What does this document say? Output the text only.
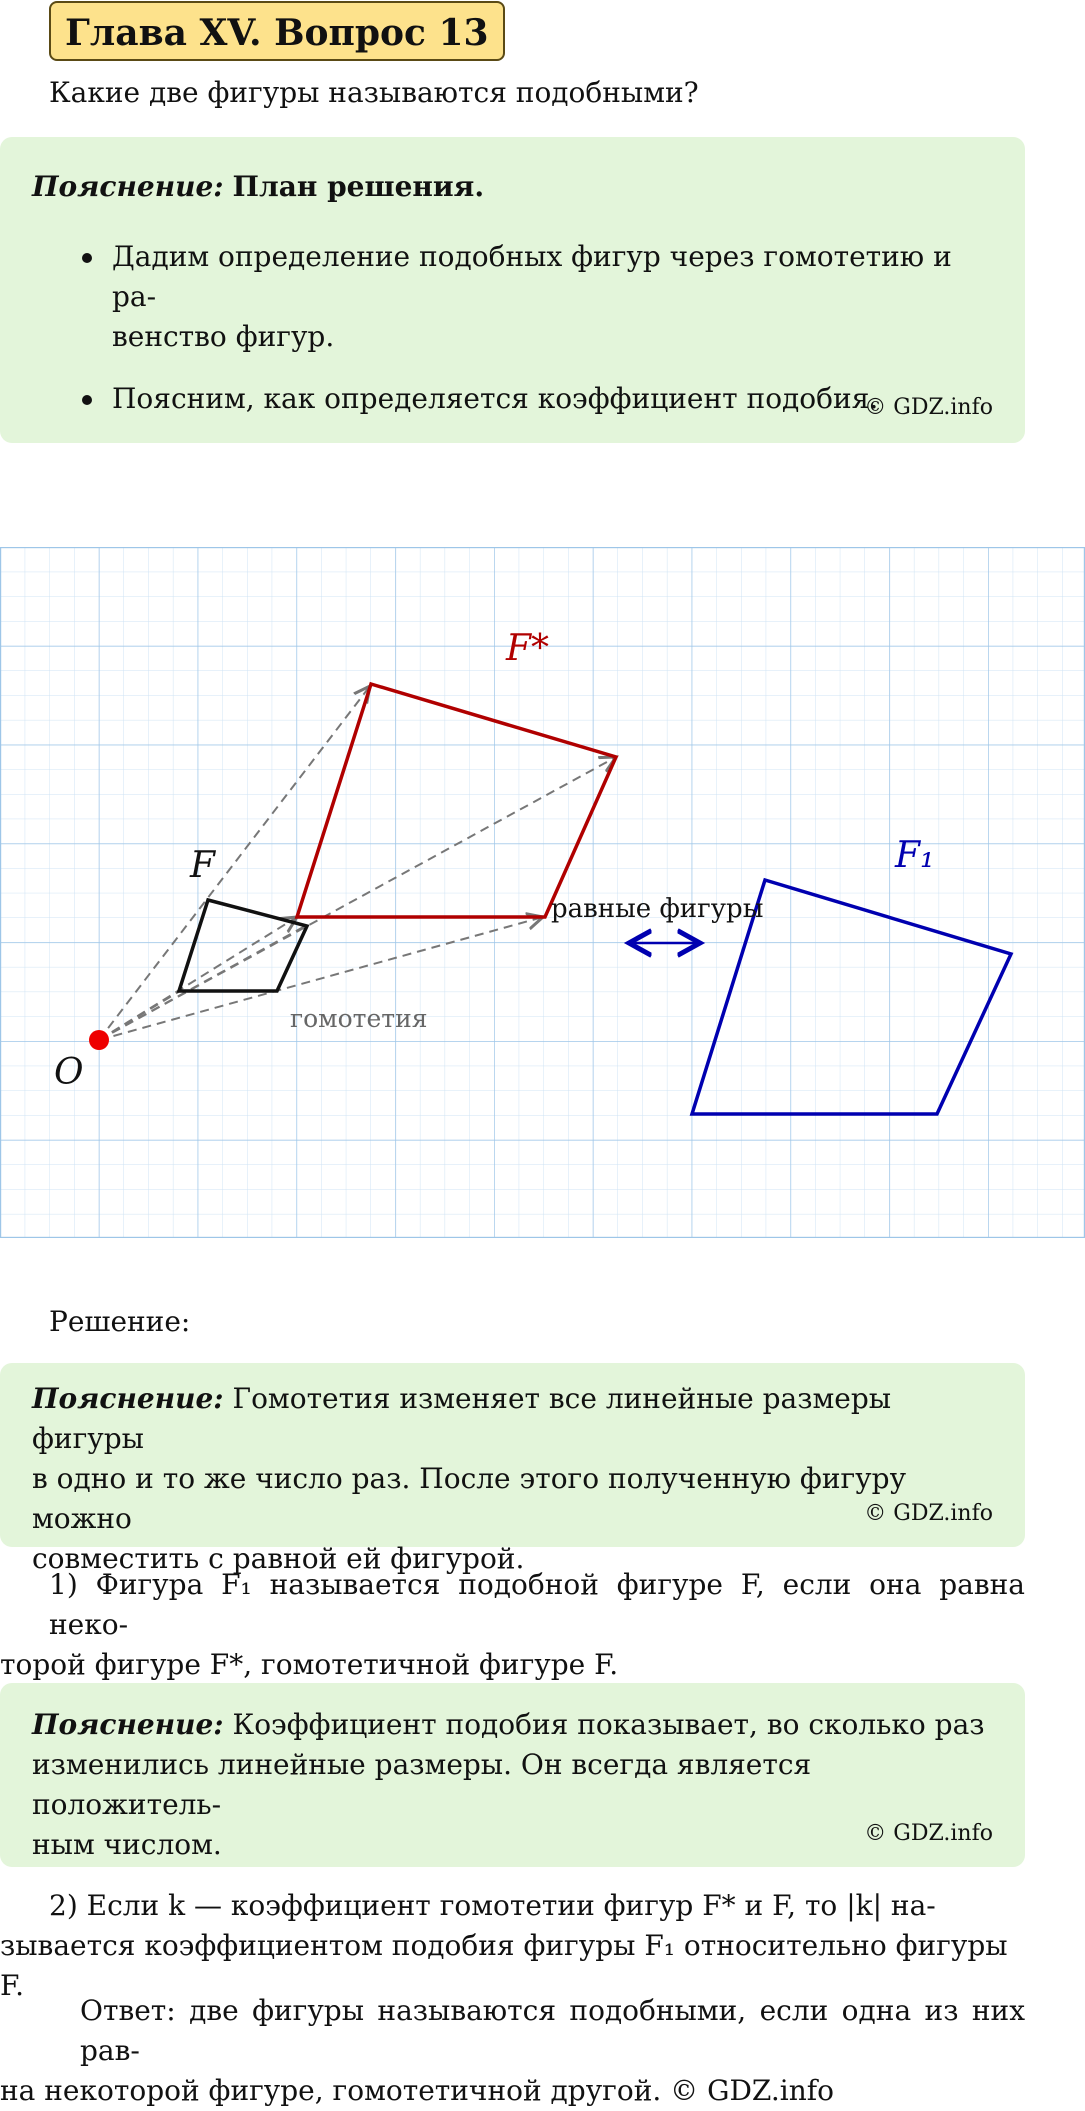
Глава XV. Вопрос 13
Какие две фигуры называются подобными?
Пояснение: План решения.
Дадим определение подобных фигур через гомотетию и ра-
венство фигур.
Поясним, как определяется коэффициент подобия.
© GDZ.info
F*
F	F₁
O
равные фигуры
гомотетия
Решение:
Пояснение: Гомотетия изменяет все линейные размеры фигуры
в одно и то же число раз. После этого полученную фигуру можно
совместить с равной ей фигурой.
© GDZ.info
1) Фигура F₁ называется подобной фигуре F, если она равна неко-
торой фигуре F*, гомотетичной фигуре F.
Пояснение: Коэффициент подобия показывает, во сколько раз
изменились линейные размеры. Он всегда является положитель-
ным числом.	© GDZ.info
2) Если k — коэффициент гомотетии фигур F* и F, то |k| на-
зывается коэффициентом подобия фигуры F₁ относительно фигуры
F.
Ответ: две фигуры называются подобными, если одна из них рав-
на некоторой фигуре, гомотетичной другой. © GDZ.info
